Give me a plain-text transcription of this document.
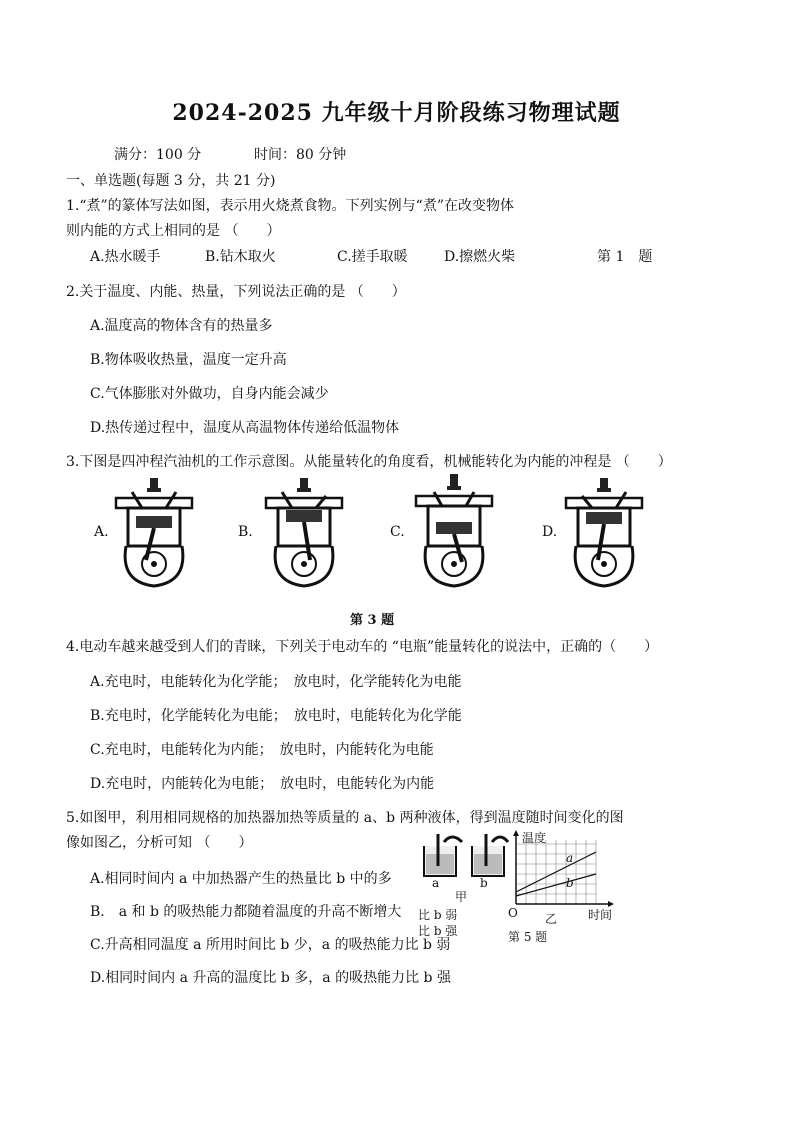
2024-2025 九年级十月阶段练习物理试题
满分：100 分	时间：80 分钟
一、单选题(每题 3 分，共 21 分)
1.“煮”的篆体写法如图，表示用火烧煮食物。下列实例与“煮”在改变物体
则内能的方式上相同的是 （　　）
A.热水暖手	B.钻木取火	C.搓手取暖	D.擦燃火柴	第 1　题
2.关于温度、内能、热量，下列说法正确的是 （　　）
A.温度高的物体含有的热量多
B.物体吸收热量，温度一定升高
C.气体膨胀对外做功，自身内能会减少
D.热传递过程中，温度从高温物体传递给低温物体
3.下图是四冲程汽油机的工作示意图。从能量转化的角度看，机械能转化为内能的冲程是 （　　）
A.	B.	C.	D.
第 3 题
4.电动车越来越受到人们的青睐，下列关于电动车的 “电瓶”能量转化的说法中，正确的（　　）
A.充电时，电能转化为化学能；　放电时，化学能转化为电能
B.充电时，化学能转化为电能；　放电时，电能转化为化学能
C.充电时，电能转化为内能；　放电时，内能转化为电能
D.充电时，内能转化为电能；　放电时，电能转化为内能
5.如图甲，利用相同规格的加热器加热等质量的 a、b 两种液体，得到温度随时间变化的图
像如图乙，分析可知 （　　）
A.相同时间内 a 中加热器产生的热量比 b 中的多
B.　a 和 b 的吸热能力都随着温度的升高不断增大 比 b 弱
比 b 强
C.升高相同温度 a 所用时间比 b 少，a 的吸热能力比 b 弱
D.相同时间内 a 升高的温度比 b 多，a 的吸热能力比 b 强
a	b
甲
温度
时间
O 乙
a
b
第 5 题
